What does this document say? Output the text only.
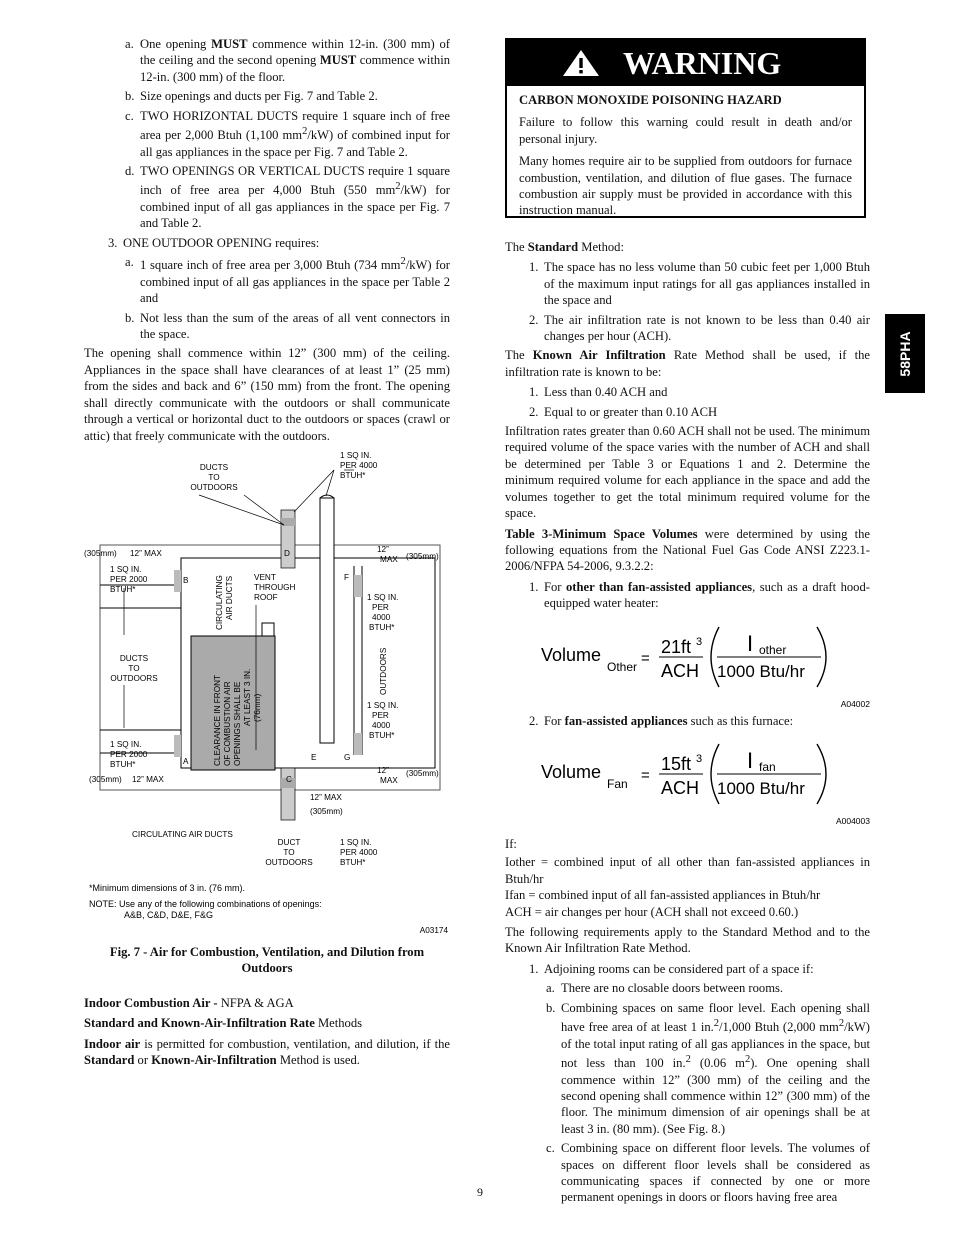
a. One opening MUST commence within 12-in. (300 mm) of the ceiling and the second opening MUST commence within 12-in. (300 mm) of the floor.
b. Size openings and ducts per Fig. 7 and Table 2.
c. TWO HORIZONTAL DUCTS require 1 square inch of free area per 2,000 Btuh (1,100 $mm^2/kW$) of combined input for all gas appliances in the space per Fig. 7 and Table 2.
d. TWO OPENINGS OR VERTICAL DUCTS require 1 square inch of free area per 4,000 Btuh (550 $mm^2/kW$) for combined input of all gas appliances in the space per Fig. 7 and Table 2.
3. ONE OUTDOOR OPENING requires:
a. 1 square inch of free area per 3,000 Btuh (734 $mm^2/kW$) for combined input of all gas appliances in the space per Table 2 and
b. Not less than the sum of the areas of all vent connectors in the space.

The opening shall commence within 12” (300 mm) of the ceiling. Appliances in the space shall have clearances of at least 1” (25 mm) from the sides and back and 6” (150 mm) from the front. The opening shall directly communicate with the outdoors or shall communicate through a vertical or horizontal duct to the outdoors or spaces (crawl or attic) that freely communicate with the outdoors.

DUCTS TO OUTDOORS
1 SQ IN. PER 4000 BTUH*
(305mm) 12” MAX
1 SQ IN. PER 2000 BTUH*
B	CIRCULATINGAIR DUCTS VENT THROUGH ROOF
D	12” MAX (305mm)
F
1 SQ IN. PER 4000 BTUH*
OUTDOORS
DUCTS TO OUTDOORS	CLEARANCE IN FRONTOF COMBUSTION AIROPENINGS SHALL BEAT LEAST 3 IN.(76mm)	1 SQ IN. PER 4000 BTUH*
1 SQ IN. PER 2000 BTUH*	A	E	G
(305mm) 12” MAX	C
12” MAX
(305mm)
12” MAX
(305mm)
CIRCULATING AIR DUCTS
DUCT TO OUTDOORS
1 SQ IN. PER 4000 BTUH*
*Minimum dimensions of 3 in. (76 mm).
NOTE: Use any of the following combinations of openings:
A&B, C&D, D&E, F&G
A03174

Fig. 7 - Air for Combustion, Ventilation, and Dilution from Outdoors

Indoor Combustion Air - NFPA & AGA

Standard and Known-Air-Infiltration Rate Methods

Indoor air is permitted for combustion, ventilation, and dilution, if the Standard or Known-Air-Infiltration Method is used.

WARNING

CARBON MONOXIDE POISONING HAZARD

Failure to follow this warning could result in death and/or personal injury.

Many homes require air to be supplied from outdoors for furnace combustion, ventilation, and dilution of flue gases. The furnace combustion air supply must be provided in accordance with this instruction manual.

The Standard Method:

1. The space has no less volume than 50 cubic feet per 1,000 Btuh of the maximum input ratings for all gas appliances installed in the space and
2. The air infiltration rate is not known to be less than 0.40 air changes per hour (ACH).

The Known Air Infiltration Rate Method shall be used, if the infiltration rate is known to be:

1. Less than 0.40 ACH and
2. Equal to or greater than 0.10 ACH

Infiltration rates greater than 0.60 ACH shall not be used. The minimum required volume of the space varies with the number of ACH and shall be determined per Table 3 or Equations 1 and 2. Determine the minimum required volume for each appliance in the space and add the volumes together to get the total minimum required volume for the space.

Table 3-Minimum Space Volumes were determined by using the following equations from the National Fuel Gas Code ANSI Z223.1-2006/NFPA 54-2006, 9.3.2.2:

1. For other than fan-assisted appliances, such as a draft hood-equipped water heater:
Volume
Other =
21ft 3
ACH
I other
1000 Btu/hr
A04002
2. For fan-assisted appliances such as this furnace:
Volume
Fan =
15ft 3
ACH
I fan
1000 Btu/hr
A004003

If:

Iother = combined input of all other than fan-assisted appliances in Btuh/hr

Ifan = combined input of all fan-assisted appliances in Btuh/hr

ACH = air changes per hour (ACH shall not exceed 0.60.)

The following requirements apply to the Standard Method and to the Known Air Infiltration Rate Method.

1. Adjoining rooms can be considered part of a space if:
a. There are no closable doors between rooms.
b. Combining spaces on same floor level. Each opening shall have free area of at least 1 in.$^2$/1,000 Btuh (2,000 $mm^2/kW$) of the total input rating of all gas appliances in the space, but not less than 100 in.$^2$ (0.06 $m^2$). One opening shall commence within 12” (300 mm) of the ceiling and the second opening shall commence within 12” (300 mm) of the floor. The minimum dimension of air openings shall be at least 3 in. (80 mm). (See Fig. 8.)
c. Combining space on different floor levels. The volumes of spaces on different floor levels shall be considered as communicating spaces if connected by one or more permanent openings in doors or floors having free area
58PHA
9
